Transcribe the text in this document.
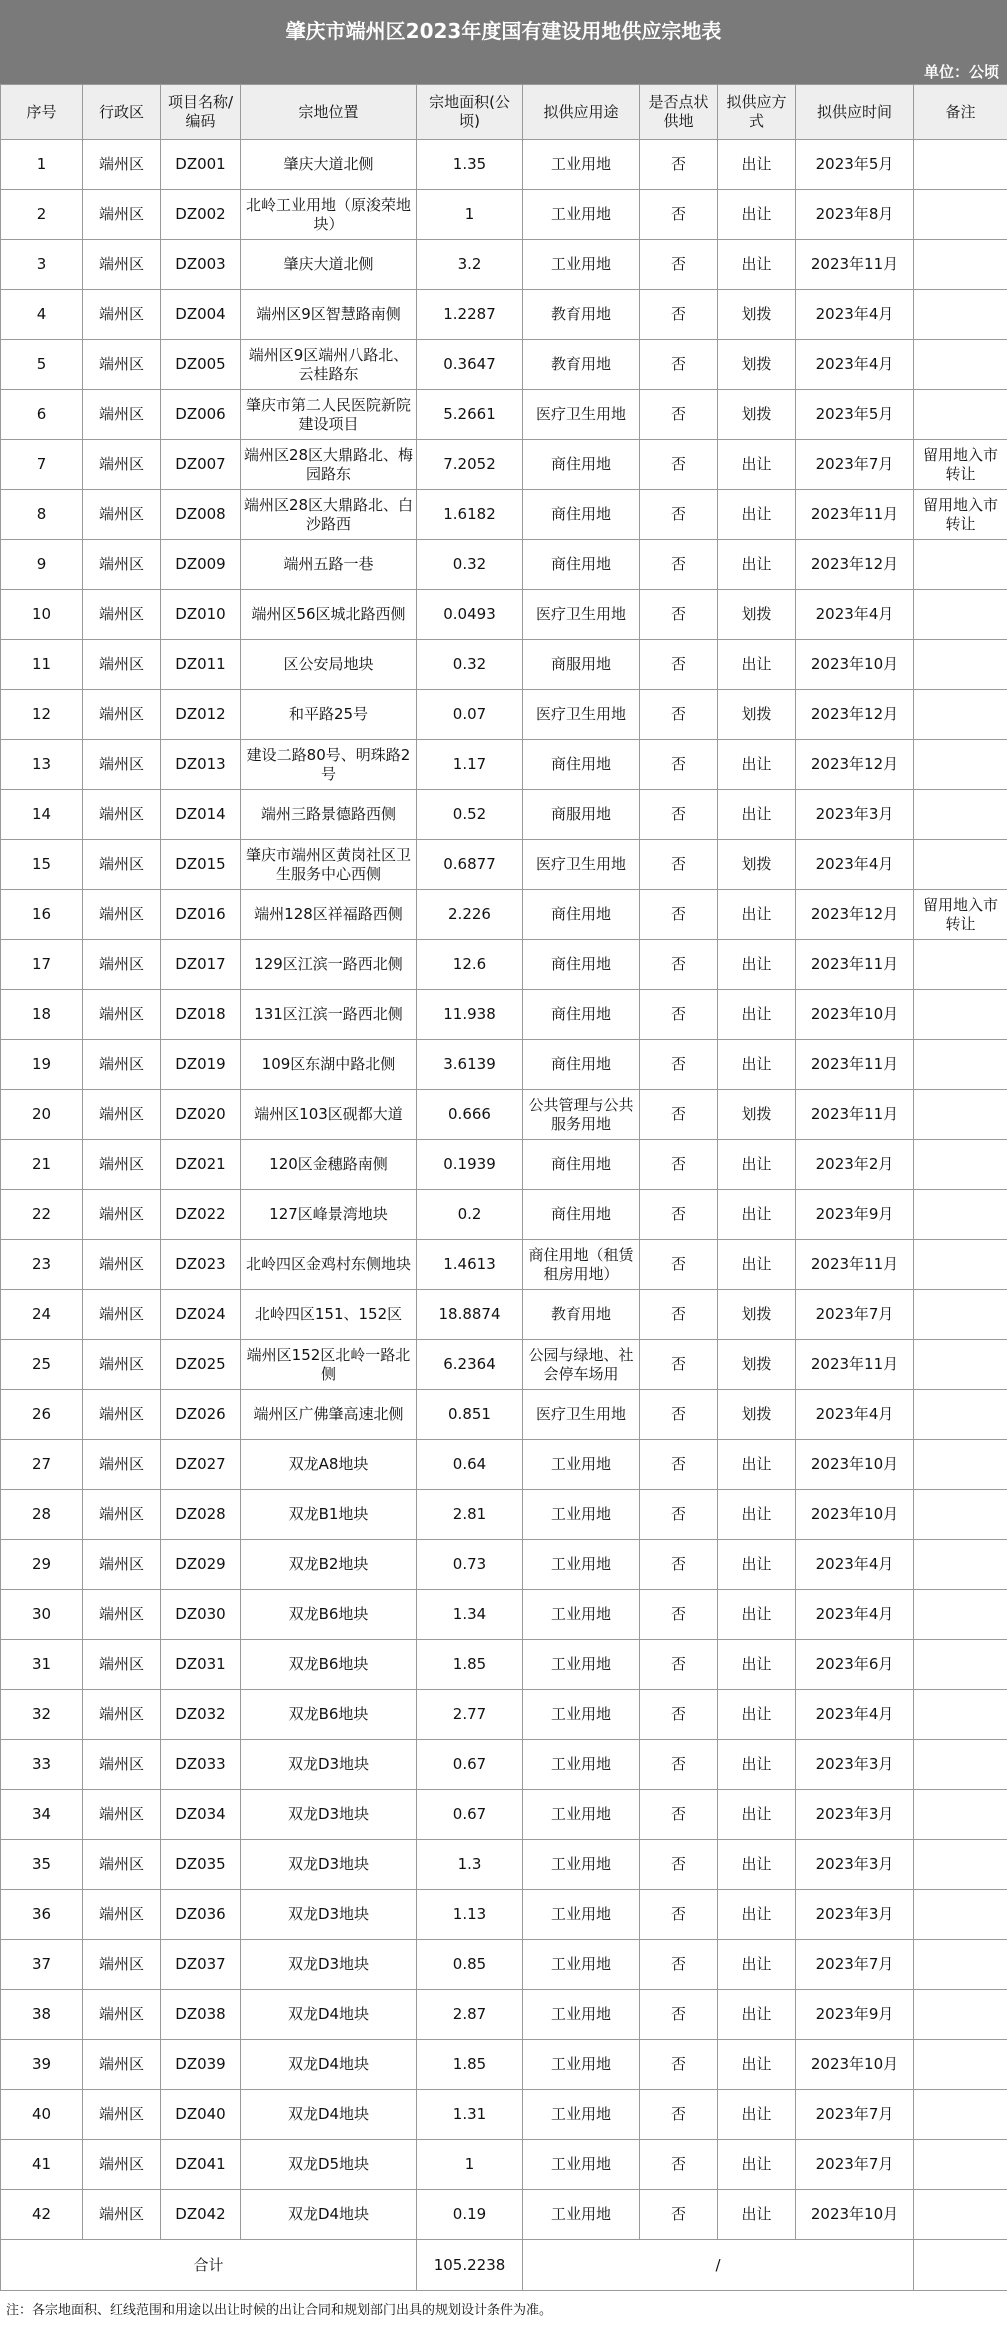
肇庆市端州区2023年度国有建设用地供应宗地表
单位：公顷
序号	行政区	项目名称/编码	宗地位置	宗地面积(公顷)	拟供应用途	是否点状供地	拟供应方式	拟供应时间	备注
1	端州区	DZ001	肇庆大道北侧	1.35	工业用地	否	出让	2023年5月	
2	端州区	DZ002	北岭工业用地（原浚荣地块）	1	工业用地	否	出让	2023年8月	
3	端州区	DZ003	肇庆大道北侧	3.2	工业用地	否	出让	2023年11月	
4	端州区	DZ004	端州区9区智慧路南侧	1.2287	教育用地	否	划拨	2023年4月	
5	端州区	DZ005	端州区9区端州八路北、云桂路东	0.3647	教育用地	否	划拨	2023年4月	
6	端州区	DZ006	肇庆市第二人民医院新院建设项目	5.2661	医疗卫生用地	否	划拨	2023年5月	
7	端州区	DZ007	端州区28区大鼎路北、梅园路东	7.2052	商住用地	否	出让	2023年7月	留用地入市转让
8	端州区	DZ008	端州区28区大鼎路北、白沙路西	1.6182	商住用地	否	出让	2023年11月	留用地入市转让
9	端州区	DZ009	端州五路一巷	0.32	商住用地	否	出让	2023年12月	
10	端州区	DZ010	端州区56区城北路西侧	0.0493	医疗卫生用地	否	划拨	2023年4月	
11	端州区	DZ011	区公安局地块	0.32	商服用地	否	出让	2023年10月	
12	端州区	DZ012	和平路25号	0.07	医疗卫生用地	否	划拨	2023年12月	
13	端州区	DZ013	建设二路80号、明珠路2号	1.17	商住用地	否	出让	2023年12月	
14	端州区	DZ014	端州三路景德路西侧	0.52	商服用地	否	出让	2023年3月	
15	端州区	DZ015	肇庆市端州区黄岗社区卫生服务中心西侧	0.6877	医疗卫生用地	否	划拨	2023年4月	
16	端州区	DZ016	端州128区祥福路西侧	2.226	商住用地	否	出让	2023年12月	留用地入市转让
17	端州区	DZ017	129区江滨一路西北侧	12.6	商住用地	否	出让	2023年11月	
18	端州区	DZ018	131区江滨一路西北侧	11.938	商住用地	否	出让	2023年10月	
19	端州区	DZ019	109区东湖中路北侧	3.6139	商住用地	否	出让	2023年11月	
20	端州区	DZ020	端州区103区砚都大道	0.666	公共管理与公共服务用地	否	划拨	2023年11月	
21	端州区	DZ021	120区金穗路南侧	0.1939	商住用地	否	出让	2023年2月	
22	端州区	DZ022	127区峰景湾地块	0.2	商住用地	否	出让	2023年9月	
23	端州区	DZ023	北岭四区金鸡村东侧地块	1.4613	商住用地（租赁租房用地）	否	出让	2023年11月	
24	端州区	DZ024	北岭四区151、152区	18.8874	教育用地	否	划拨	2023年7月	
25	端州区	DZ025	端州区152区北岭一路北侧	6.2364	公园与绿地、社会停车场用	否	划拨	2023年11月	
26	端州区	DZ026	端州区广佛肇高速北侧	0.851	医疗卫生用地	否	划拨	2023年4月	
27	端州区	DZ027	双龙A8地块	0.64	工业用地	否	出让	2023年10月	
28	端州区	DZ028	双龙B1地块	2.81	工业用地	否	出让	2023年10月	
29	端州区	DZ029	双龙B2地块	0.73	工业用地	否	出让	2023年4月	
30	端州区	DZ030	双龙B6地块	1.34	工业用地	否	出让	2023年4月	
31	端州区	DZ031	双龙B6地块	1.85	工业用地	否	出让	2023年6月	
32	端州区	DZ032	双龙B6地块	2.77	工业用地	否	出让	2023年4月	
33	端州区	DZ033	双龙D3地块	0.67	工业用地	否	出让	2023年3月	
34	端州区	DZ034	双龙D3地块	0.67	工业用地	否	出让	2023年3月	
35	端州区	DZ035	双龙D3地块	1.3	工业用地	否	出让	2023年3月	
36	端州区	DZ036	双龙D3地块	1.13	工业用地	否	出让	2023年3月	
37	端州区	DZ037	双龙D3地块	0.85	工业用地	否	出让	2023年7月	
38	端州区	DZ038	双龙D4地块	2.87	工业用地	否	出让	2023年9月	
39	端州区	DZ039	双龙D4地块	1.85	工业用地	否	出让	2023年10月	
40	端州区	DZ040	双龙D4地块	1.31	工业用地	否	出让	2023年7月	
41	端州区	DZ041	双龙D5地块	1	工业用地	否	出让	2023年7月	
42	端州区	DZ042	双龙D4地块	0.19	工业用地	否	出让	2023年10月	
合计				105.2238	/				
注：各宗地面积、红线范围和用途以出让时候的出让合同和规划部门出具的规划设计条件为准。
